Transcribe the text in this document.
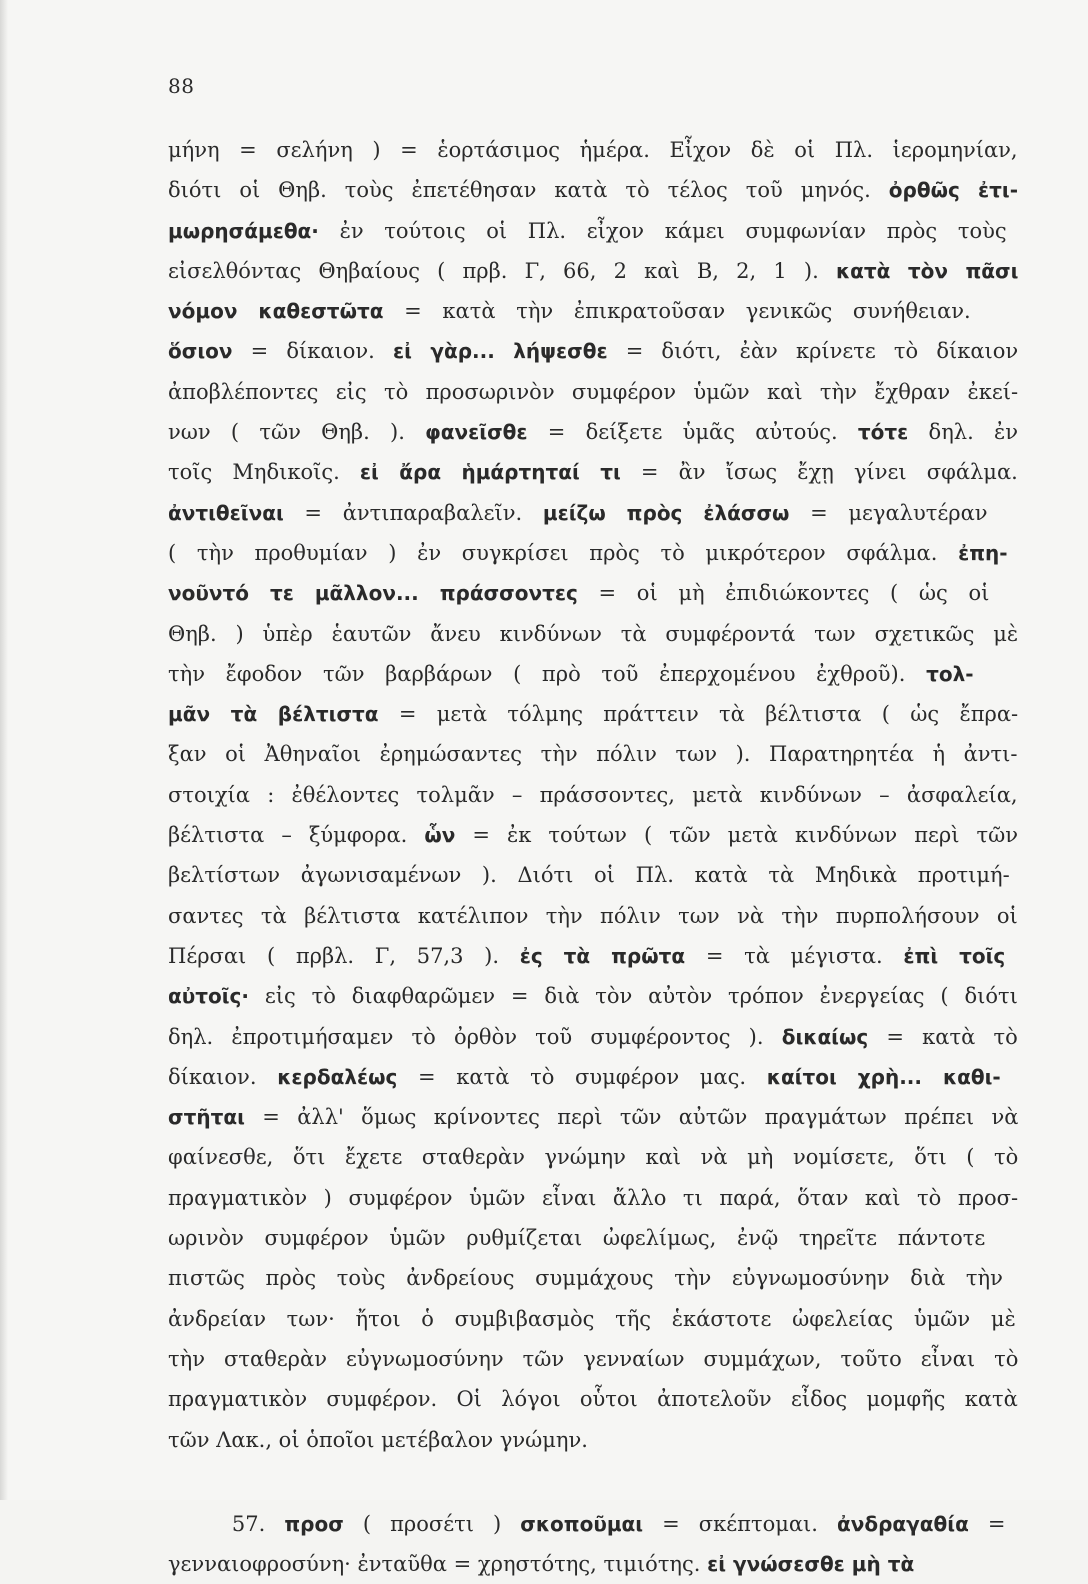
88
μήνη = σελήνη ) = ἑορτάσιμος ἡμέρα. Εἶχον δὲ οἱ Πλ. ἱερομηνίαν,
διότι οἱ Θηβ. τοὺς ἐπετέθησαν κατὰ τὸ τέλος τοῦ μηνός. ὀρθῶς ἐτι-
μωρησάμεθα· ἐν τούτοις οἱ Πλ. εἶχον κάμει συμφωνίαν πρὸς τοὺς
εἰσελθόντας Θηβαίους ( πρβ. Γ, 66, 2 καὶ Β, 2, 1 ). κατὰ τὸν πᾶσι
νόμον καθεστῶτα = κατὰ τὴν ἐπικρατοῦσαν γενικῶς συνήθειαν.
ὅσιον = δίκαιον. εἰ γὰρ... λήψεσθε = διότι, ἐὰν κρίνετε τὸ δίκαιον
ἀποβλέποντες εἰς τὸ προσωρινὸν συμφέρον ὑμῶν καὶ τὴν ἔχθραν ἐκεί-
νων ( τῶν Θηβ. ). φανεῖσθε = δείξετε ὑμᾶς αὐτούς. τότε δηλ. ἐν
τοῖς Μηδικοῖς. εἰ ἄρα ἡμάρτηταί τι = ἂν ἴσως ἔχῃ γίνει σφάλμα.
ἀντιθεῖναι = ἀντιπαραβαλεῖν. μείζω πρὸς ἐλάσσω = μεγαλυτέραν
( τὴν προθυμίαν ) ἐν συγκρίσει πρὸς τὸ μικρότερον σφάλμα. ἐπη-
νοῦντό τε μᾶλλον... πράσσοντες = οἱ μὴ ἐπιδιώκοντες ( ὡς οἱ
Θηβ. ) ὑπὲρ ἑαυτῶν ἄνευ κινδύνων τὰ συμφέροντά των σχετικῶς μὲ
τὴν ἔφοδον τῶν βαρβάρων ( πρὸ τοῦ ἐπερχομένου ἐχθροῦ). τολ-
μᾶν τὰ βέλτιστα = μετὰ τόλμης πράττειν τὰ βέλτιστα ( ὡς ἔπρα-
ξαν οἱ Ἀθηναῖοι ἐρημώσαντες τὴν πόλιν των ). Παρατηρητέα ἡ ἀντι-
στοιχία : ἐθέλοντες τολμᾶν – πράσσοντες, μετὰ κινδύνων – ἀσφαλεία,
βέλτιστα – ξύμφορα. ὧν = ἐκ τούτων ( τῶν μετὰ κινδύνων περὶ τῶν
βελτίστων ἀγωνισαμένων ). Διότι οἱ Πλ. κατὰ τὰ Μηδικὰ προτιμή-
σαντες τὰ βέλτιστα κατέλιπον τὴν πόλιν των νὰ τὴν πυρπολήσουν οἱ
Πέρσαι ( πρβλ. Γ, 57,3 ). ἐς τὰ πρῶτα = τὰ μέγιστα. ἐπὶ τοῖς
αὐτοῖς· εἰς τὸ διαφθαρῶμεν = διὰ τὸν αὐτὸν τρόπον ἐνεργείας ( διότι
δηλ. ἐπροτιμήσαμεν τὸ ὀρθὸν τοῦ συμφέροντος ). δικαίως = κατὰ τὸ
δίκαιον. κερδαλέως = κατὰ τὸ συμφέρον μας. καίτοι χρὴ... καθι-
στῆται = ἀλλ' ὅμως κρίνοντες περὶ τῶν αὐτῶν πραγμάτων πρέπει νὰ
φαίνεσθε, ὅτι ἔχετε σταθερὰν γνώμην καὶ νὰ μὴ νομίσετε, ὅτι ( τὸ
πραγματικὸν ) συμφέρον ὑμῶν εἶναι ἄλλο τι παρά, ὅταν καὶ τὸ προσ-
ωρινὸν συμφέρον ὑμῶν ρυθμίζεται ὠφελίμως, ἐνῷ τηρεῖτε πάντοτε
πιστῶς πρὸς τοὺς ἀνδρείους συμμάχους τὴν εὐγνωμοσύνην διὰ τὴν
ἀνδρείαν των· ἤτοι ὁ συμβιβασμὸς τῆς ἑκάστοτε ὠφελείας ὑμῶν μὲ
τὴν σταθερὰν εὐγνωμοσύνην τῶν γενναίων συμμάχων, τοῦτο εἶναι τὸ
πραγματικὸν συμφέρον. Οἱ λόγοι οὗτοι ἀποτελοῦν εἶδος μομφῆς κατὰ
τῶν Λακ., οἱ ὁποῖοι μετέβαλον γνώμην.
57. προσ ( προσέτι ) σκοποῦμαι = σκέπτομαι. ἀνδραγαθία =
γενναιοφροσύνη· ἐνταῦθα = χρηστότης, τιμιότης. εἰ γνώσεσθε μὴ τὰ
